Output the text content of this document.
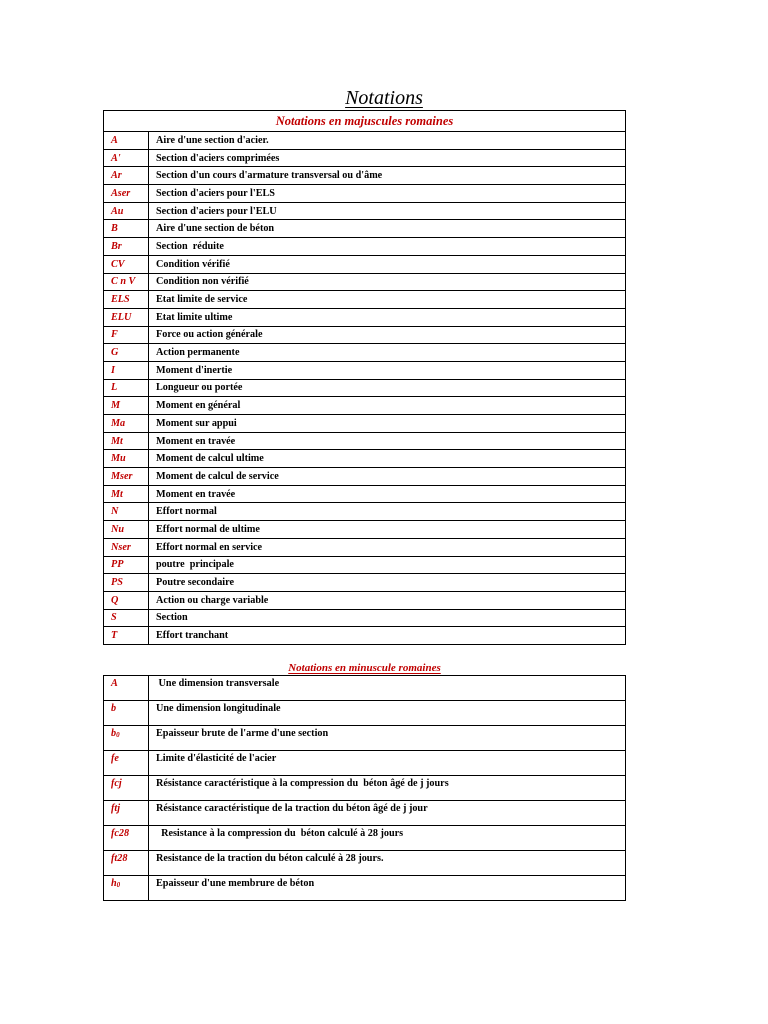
Notations
Notations en majuscules romaines	
A	Aire d'une section d'acier.
A'	Section d'aciers comprimées
Ar	Section d'un cours d'armature transversal ou d'âme
Aser	Section d'aciers pour l'ELS
Au	Section d'aciers pour l'ELU
B	Aire d'une section de béton
Br	Section  réduite
CV	Condition vérifié
C n V	Condition non vérifié
ELS	Etat limite de service
ELU	Etat limite ultime
F	Force ou action générale
G	Action permanente
I	Moment d'inertie
L	Longueur ou portée
M	Moment en général
Ma	Moment sur appui
Mt	Moment en travée
Mu	Moment de calcul ultime
Mser	Moment de calcul de service
Mt	Moment en travée
N	Effort normal
Nu	Effort normal de ultime
Nser	Effort normal en service
PP	poutre  principale
PS	Poutre secondaire
Q	Action ou charge variable
S	Section
T	Effort tranchant
Notations en minuscule romaines
A	Une dimension transversale
b	Une dimension longitudinale
$b_0$	Epaisseur brute de l'arme d'une section
fe	Limite d'élasticité de l'acier
fcj	Résistance caractéristique à la compression du  béton âgé de j jours
ftj	Résistance caractéristique de la traction du béton âgé de j jour
fc28	Resistance à la compression du  béton calculé à 28 jours
ft28	Resistance de la traction du béton calculé à 28 jours.
$h_0$	Epaisseur d'une membrure de béton
